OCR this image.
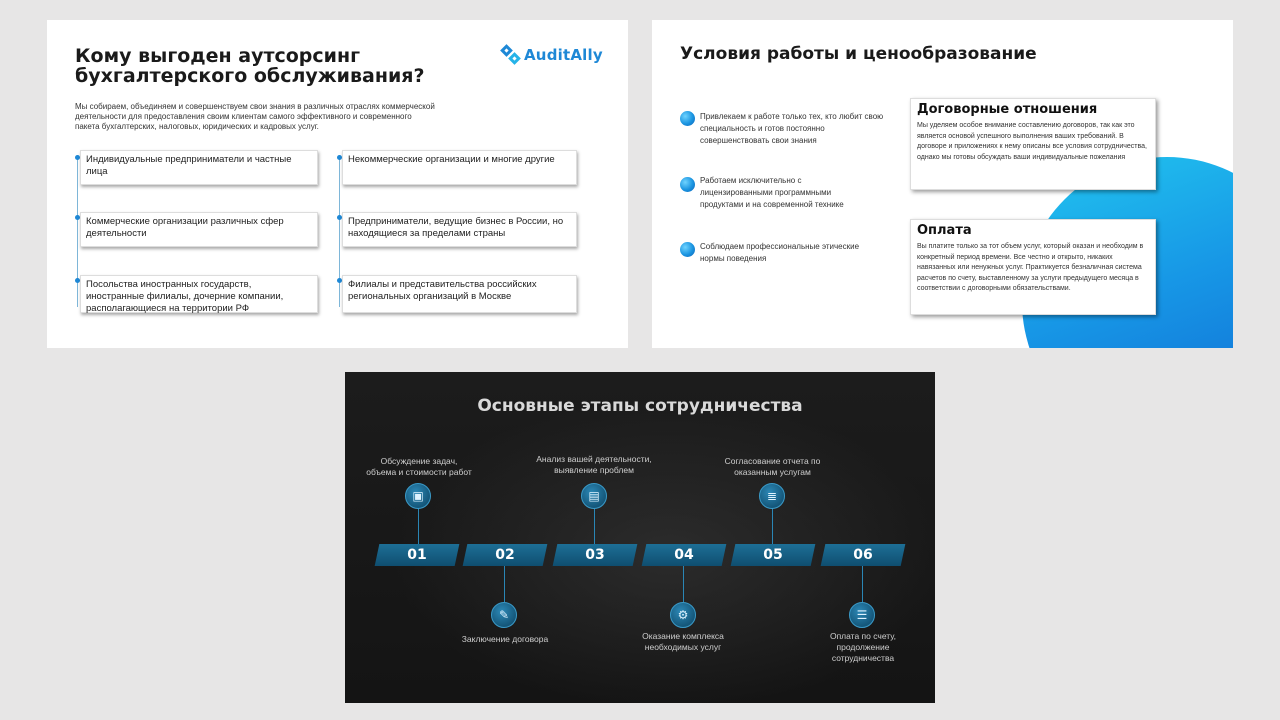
Кому выгоден аутсорсинг бухгалтерского обслуживания?
AuditAlly
Мы собираем, объединяем и совершенствуем свои знания в различных отраслях коммерческой деятельности для предоставления своим клиентам самого эффективного и современного пакета бухгалтерских, налоговых, юридических и кадровых услуг.
Индивидуальные предприниматели и частные лица
Коммерческие организации различных сфер деятельности
Посольства иностранных государств, иностранные филиалы, дочерние компании, располагающиеся на территории РФ
Некоммерческие организации и многие другие
Предприниматели, ведущие бизнес в России, но находящиеся за пределами страны
Филиалы и представительства российских региональных организаций в Москве
Условия работы и ценообразование
Привлекаем к работе только тех, кто любит свою специальность и готов постоянно совершенствовать свои знания
Работаем исключительно с лицензированными программными продуктами и на современной технике
Соблюдаем профессиональные этические нормы поведения
Договорные отношения

Мы уделяем особое внимание составлению договоров, так как это является основой успешного выполнения ваших требований. В договоре и приложениях к нему описаны все условия сотрудничества, однако мы готовы обсуждать ваши индивидуальные пожелания

Оплата

Вы платите только за тот объем услуг, который оказан и необходим в конкретный период времени. Все честно и открыто, никаких навязанных или ненужных услуг. Практикуется безналичная система расчетов по счету, выставленному за услуги предыдущего месяца в соответствии с договорными обязательствами.

Основные этапы сотрудничества
01	02	03	04	05	06
Обсуждение задач, объема и стоимости работ
▣
Анализ вашей деятельности, выявление проблем
▤
Согласование отчета по оказанным услугам
≣
✎
Заключение договора
⚙
Оказание комплекса необходимых услуг
☰
Оплата по счету, продолжение сотрудничества
